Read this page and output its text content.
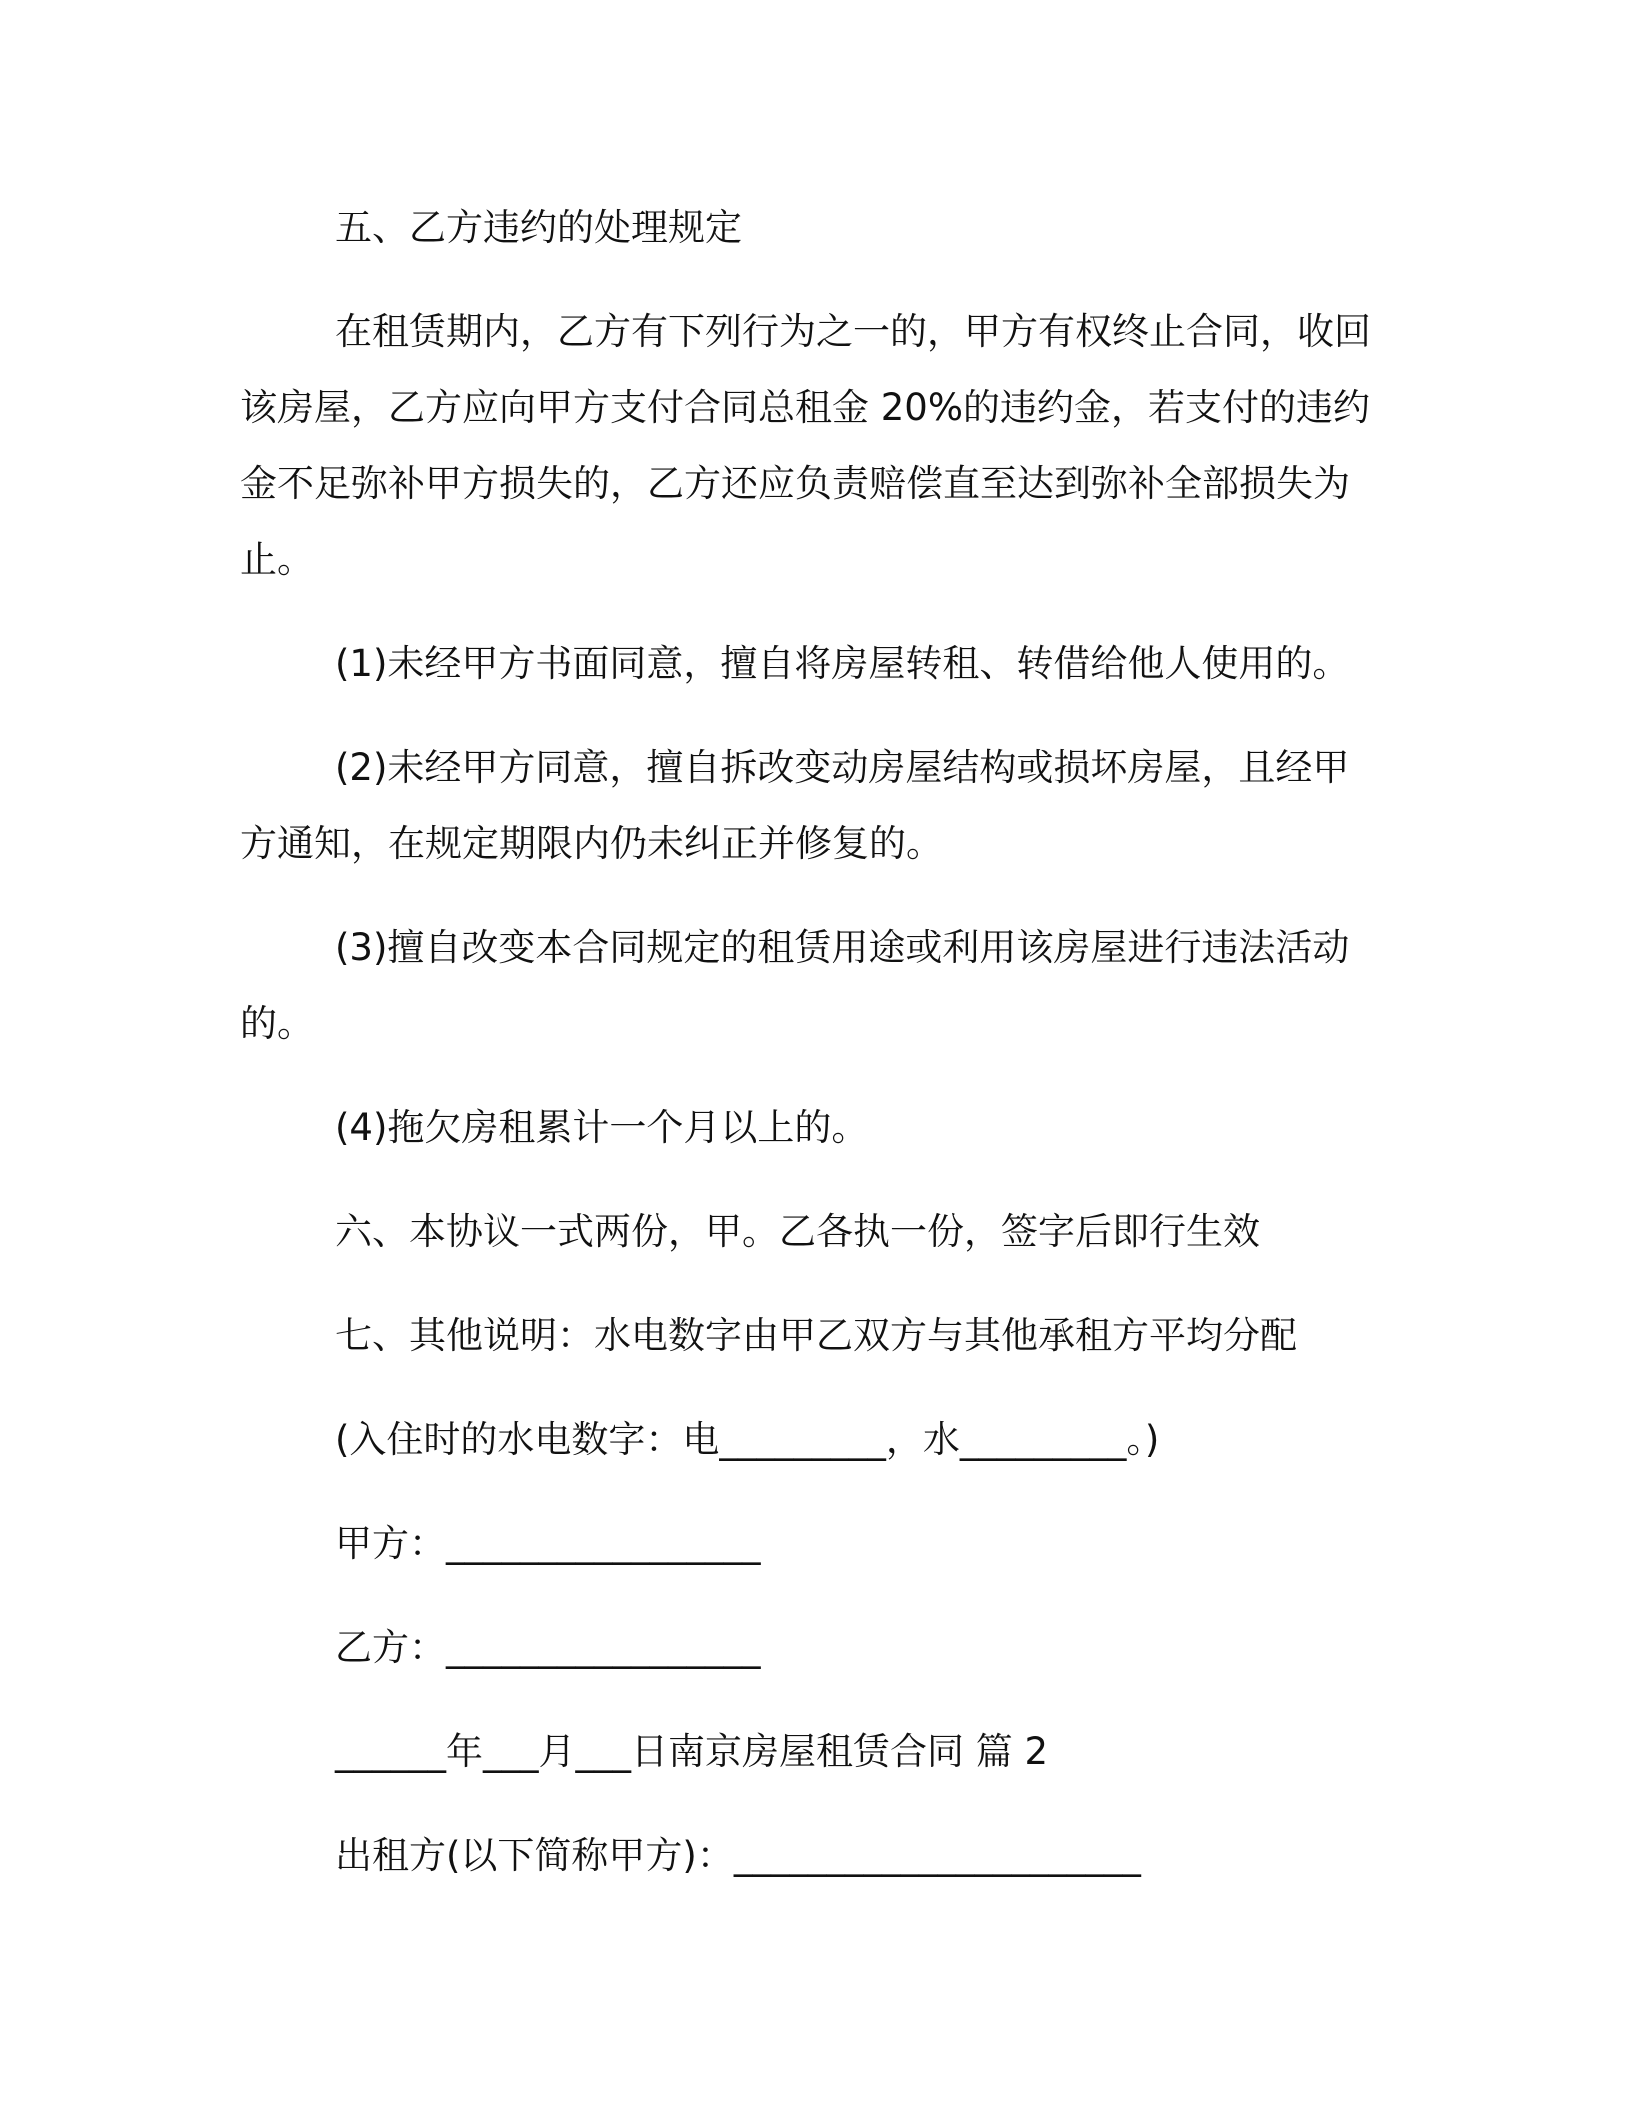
五、乙方违约的处理规定

在租赁期内，乙方有下列行为之一的，甲方有权终止合同，收回该房屋，乙方应向甲方支付合同总租金 20%的违约金，若支付的违约金不足弥补甲方损失的，乙方还应负责赔偿直至达到弥补全部损失为止。

(1)未经甲方书面同意，擅自将房屋转租、转借给他人使用的。

(2)未经甲方同意，擅自拆改变动房屋结构或损坏房屋，且经甲方通知，在规定期限内仍未纠正并修复的。

(3)擅自改变本合同规定的租赁用途或利用该房屋进行违法活动的。

(4)拖欠房租累计一个月以上的。

六、本协议一式两份，甲。乙各执一份，签字后即行生效

七、其他说明：水电数字由甲乙双方与其他承租方平均分配

(入住时的水电数字：电_________，水_________。)

甲方：_________________

乙方：_________________

______年___月___日南京房屋租赁合同 篇 2

出租方(以下简称甲方)：______________________
